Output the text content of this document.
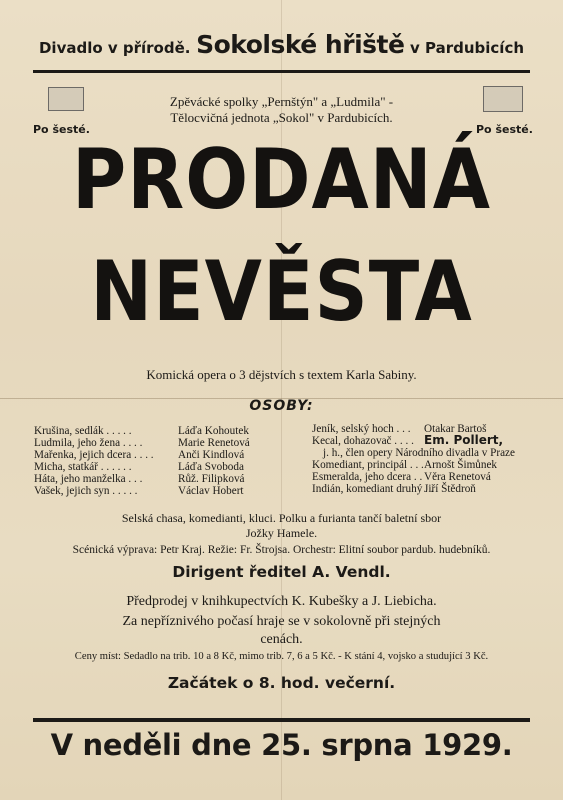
Divadlo v přírodě. Sokolské hřiště v Pardubicích
Zpěvácké spolky „Pernštýn" a „Ludmila" -
Tělocvičná jednota „Sokol" v Pardubicích.
Po šesté.	Po šesté.
PRODANÁ
NEVĚSTA
Komická opera o 3 dějstvích s textem Karla Sabiny.
OSOBY:
Krušina, sedlák . . . . .	Láďa Kohoutek
Ludmila, jeho žena . . . .	Marie Renetová
Mařenka, jejich dcera . . . . Anči Kindlová
Micha, statkář . . . . . .	Láďa Svoboda
Háta, jeho manželka . . .	Růž. Filipková
Vašek, jejich syn . . . . .	Václav Hobert
Jeník, selský hoch . . . Otakar Bartoš
Kecal, dohazovač . . . . Em. Pollert,
j. h., člen opery Národního divadla v Praze
Komediant, principál . . . Arnošt Šimůnek
Esmeralda, jeho dcera . . Věra Renetová
Indián, komediant druhý . .
Jiří Štědroň
Selská chasa, komedianti, kluci. Polku a furianta tančí baletní sbor
Jožky Hamele.
Scénická výprava: Petr Kraj. Režie: Fr. Štrojsa. Orchestr: Elitní soubor pardub. hudebníků.
Dirigent ředitel A. Vendl.
Předprodej v knihkupectvích K. Kubešky a J. Liebicha.
Za nepříznivého počasí hraje se v sokolovně při stejných
cenách.
Ceny míst: Sedadlo na trib. 10 a 8 Kč, mimo trib. 7, 6 a 5 Kč. - K stání 4, vojsko a studující 3 Kč.
Začátek o 8. hod. večerní.
V neděli dne 25. srpna 1929.
